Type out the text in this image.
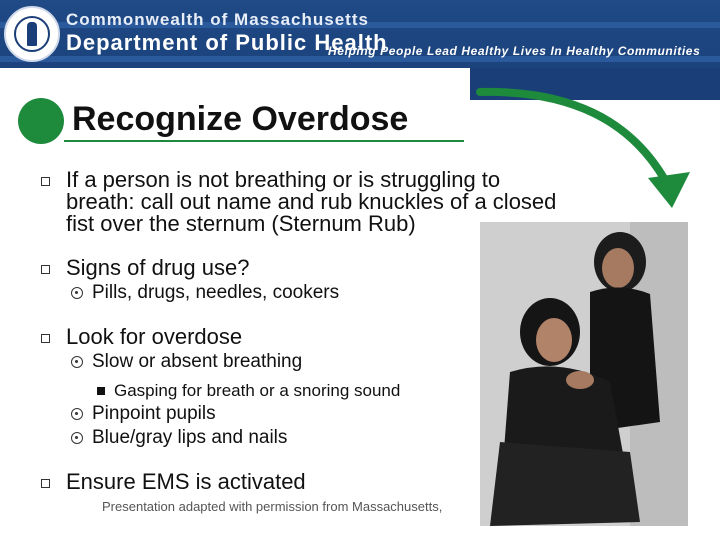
Commonwealth of Massachusetts
Department of Public Health
Helping People Lead Healthy Lives In Healthy Communities
Recognize Overdose
If a person is not breathing or is struggling to
breath: call out name and rub knuckles of a closed
fist over the sternum (Sternum Rub)
Signs of drug use?
Pills, drugs, needles, cookers
Look for overdose
Slow or absent breathing
Gasping for breath or a snoring sound
Pinpoint pupils
Blue/gray lips and nails
Ensure EMS is activated
Presentation adapted with permission from Massachusetts,
